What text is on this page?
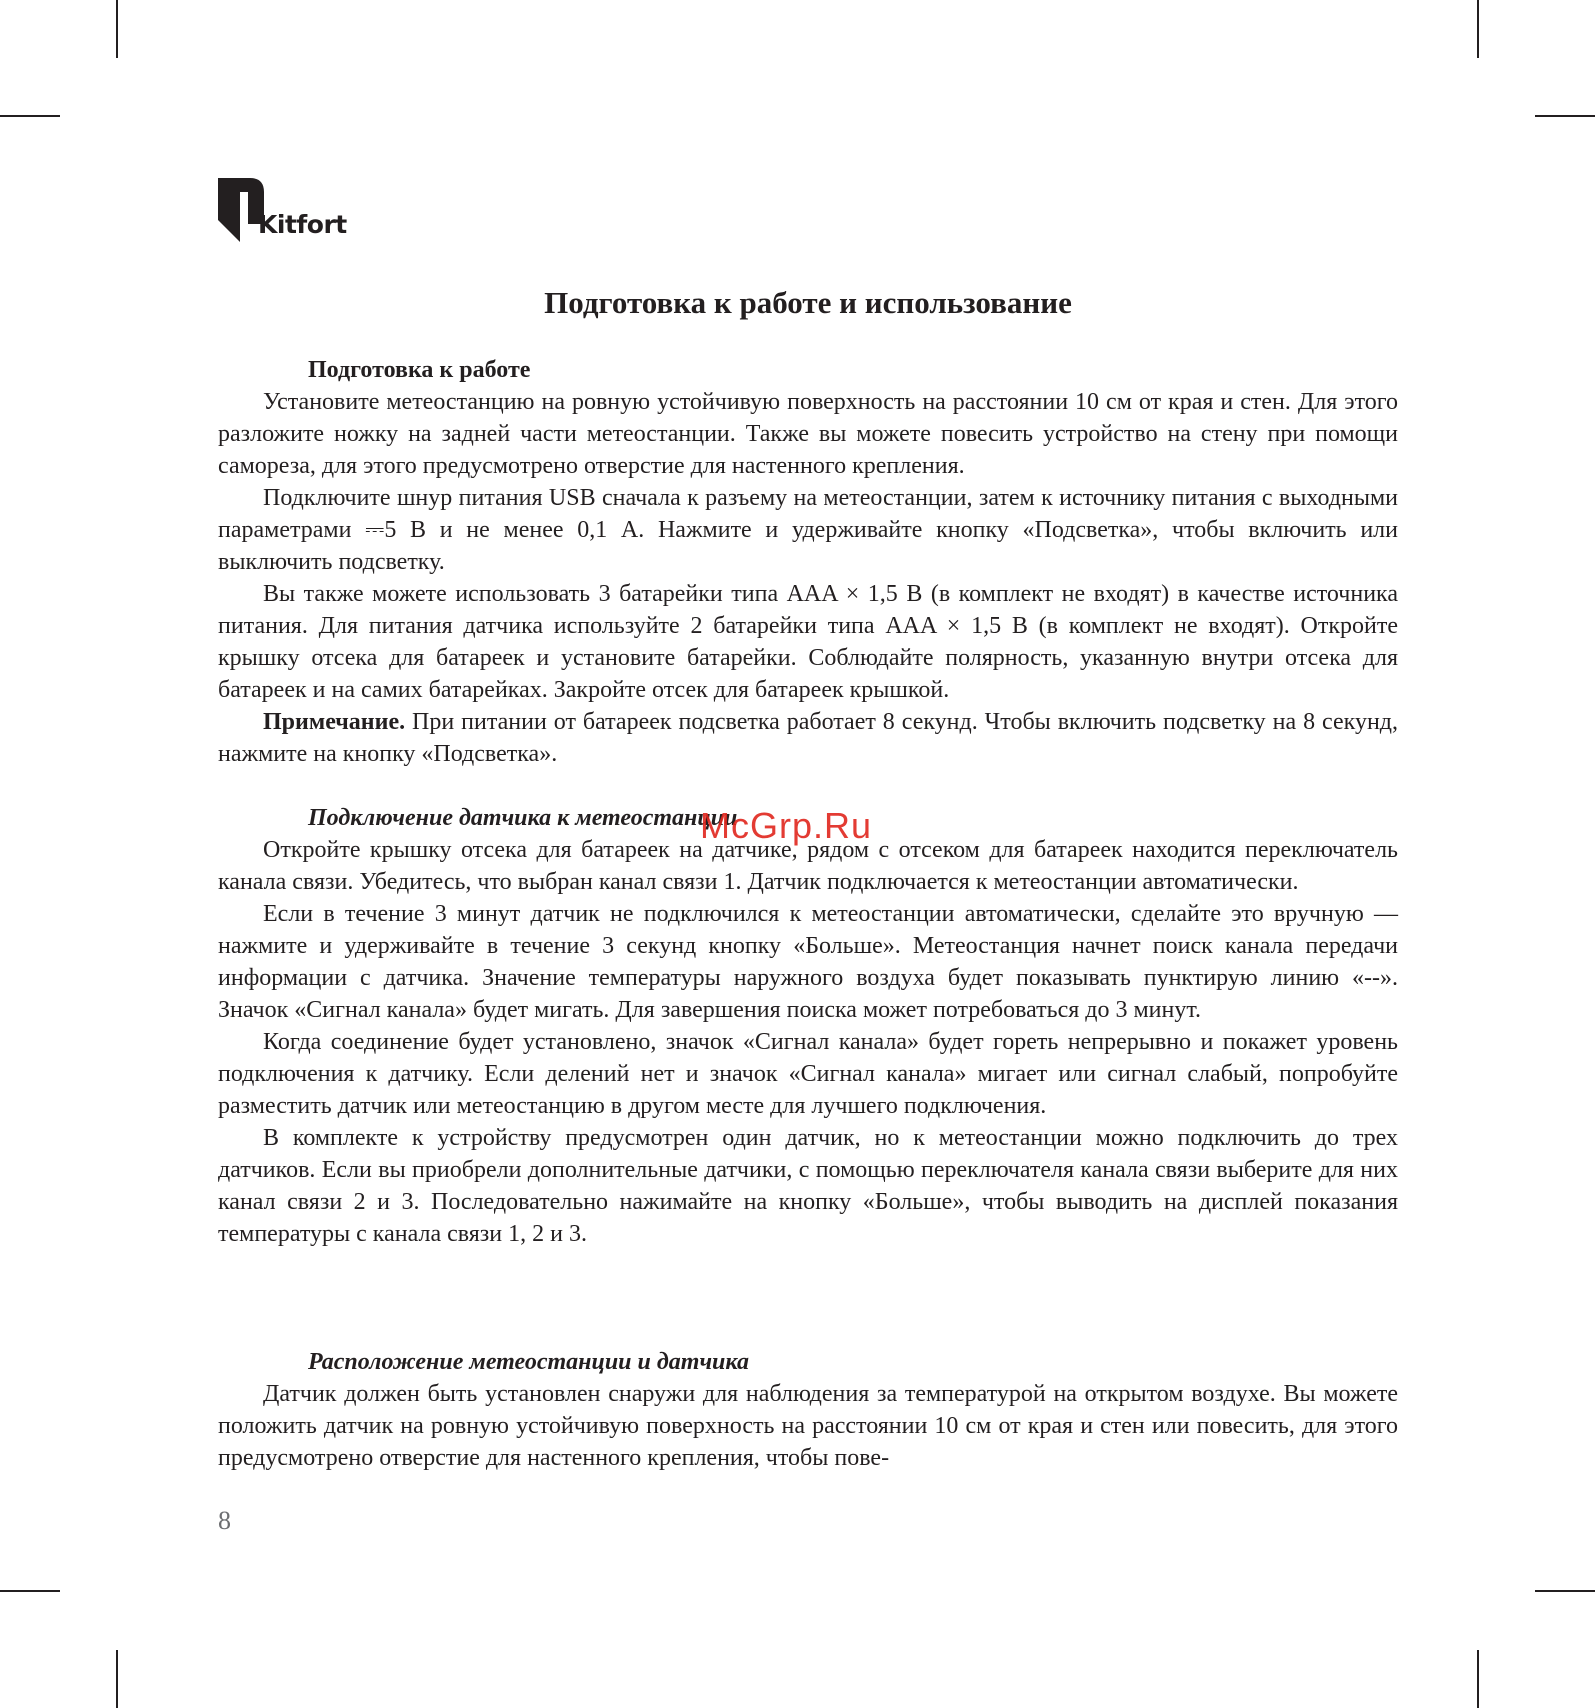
Kitfort
Подготовка к работе и использование

Подготовка к работе

Установите метеостанцию на ровную устойчивую поверхность на расстоянии 10 см от края и стен. Для этого разложите ножку на задней части метеостанции. Также вы можете повесить устройство на стену при помощи самореза, для этого предусмотрено отверстие для настенного крепления.

Подключите шнур питания USB сначала к разъему на метеостанции, затем к источнику питания с выходными параметрами ⎓5 В и не менее 0,1 А. Нажмите и удерживайте кнопку «Подсветка», чтобы включить или выключить подсветку.

Вы также можете использовать 3 батарейки типа AAA × 1,5 В (в комплект не входят) в качестве источника питания. Для питания датчика используйте 2 батарейки типа AAA × 1,5 В (в комплект не входят). Откройте крышку отсека для батареек и установите батарейки. Соблюдайте полярность, указанную внутри отсека для батареек и на самих батарейках. Закройте отсек для батареек крышкой.

Примечание. При питании от батареек подсветка работает 8 секунд. Чтобы включить подсветку на 8 секунд, нажмите на кнопку «Подсветка».

Подключение датчика к метеостанции

Откройте крышку отсека для батареек на датчике, рядом с отсеком для батареек находится переключатель канала связи. Убедитесь, что выбран канал связи 1. Датчик подключается к метеостанции автоматически.

Если в течение 3 минут датчик не подключился к метеостанции автоматически, сделайте это вручную — нажмите и удерживайте в течение 3 секунд кнопку «Больше». Метеостанция начнет поиск канала передачи информации с датчика. Значение температуры наружного воздуха будет показывать пунктирую линию «--». Значок «Сигнал канала» будет мигать. Для завершения поиска может потребоваться до 3 минут.

Когда соединение будет установлено, значок «Сигнал канала» будет гореть непрерывно и покажет уровень подключения к датчику. Если делений нет и значок «Сигнал канала» мигает или сигнал слабый, попробуйте разместить датчик или метеостанцию в другом месте для лучшего подключения.

В комплекте к устройству предусмотрен один датчик, но к метеостанции можно подключить до трех датчиков. Если вы приобрели дополнительные датчики, с помощью переключателя канала связи выберите для них канал связи 2 и 3. Последовательно нажимайте на кнопку «Больше», чтобы выводить на дисплей показания температуры с канала связи 1, 2 и 3.

Расположение метеостанции и датчика

Датчик должен быть установлен снаружи для наблюдения за температурой на открытом воздухе. Вы можете положить датчик на ровную устойчивую поверхность на расстоянии 10 см от края и стен или повесить, для этого предусмотрено отверстие для настенного крепления, чтобы пове-

McGrp.Ru
8
